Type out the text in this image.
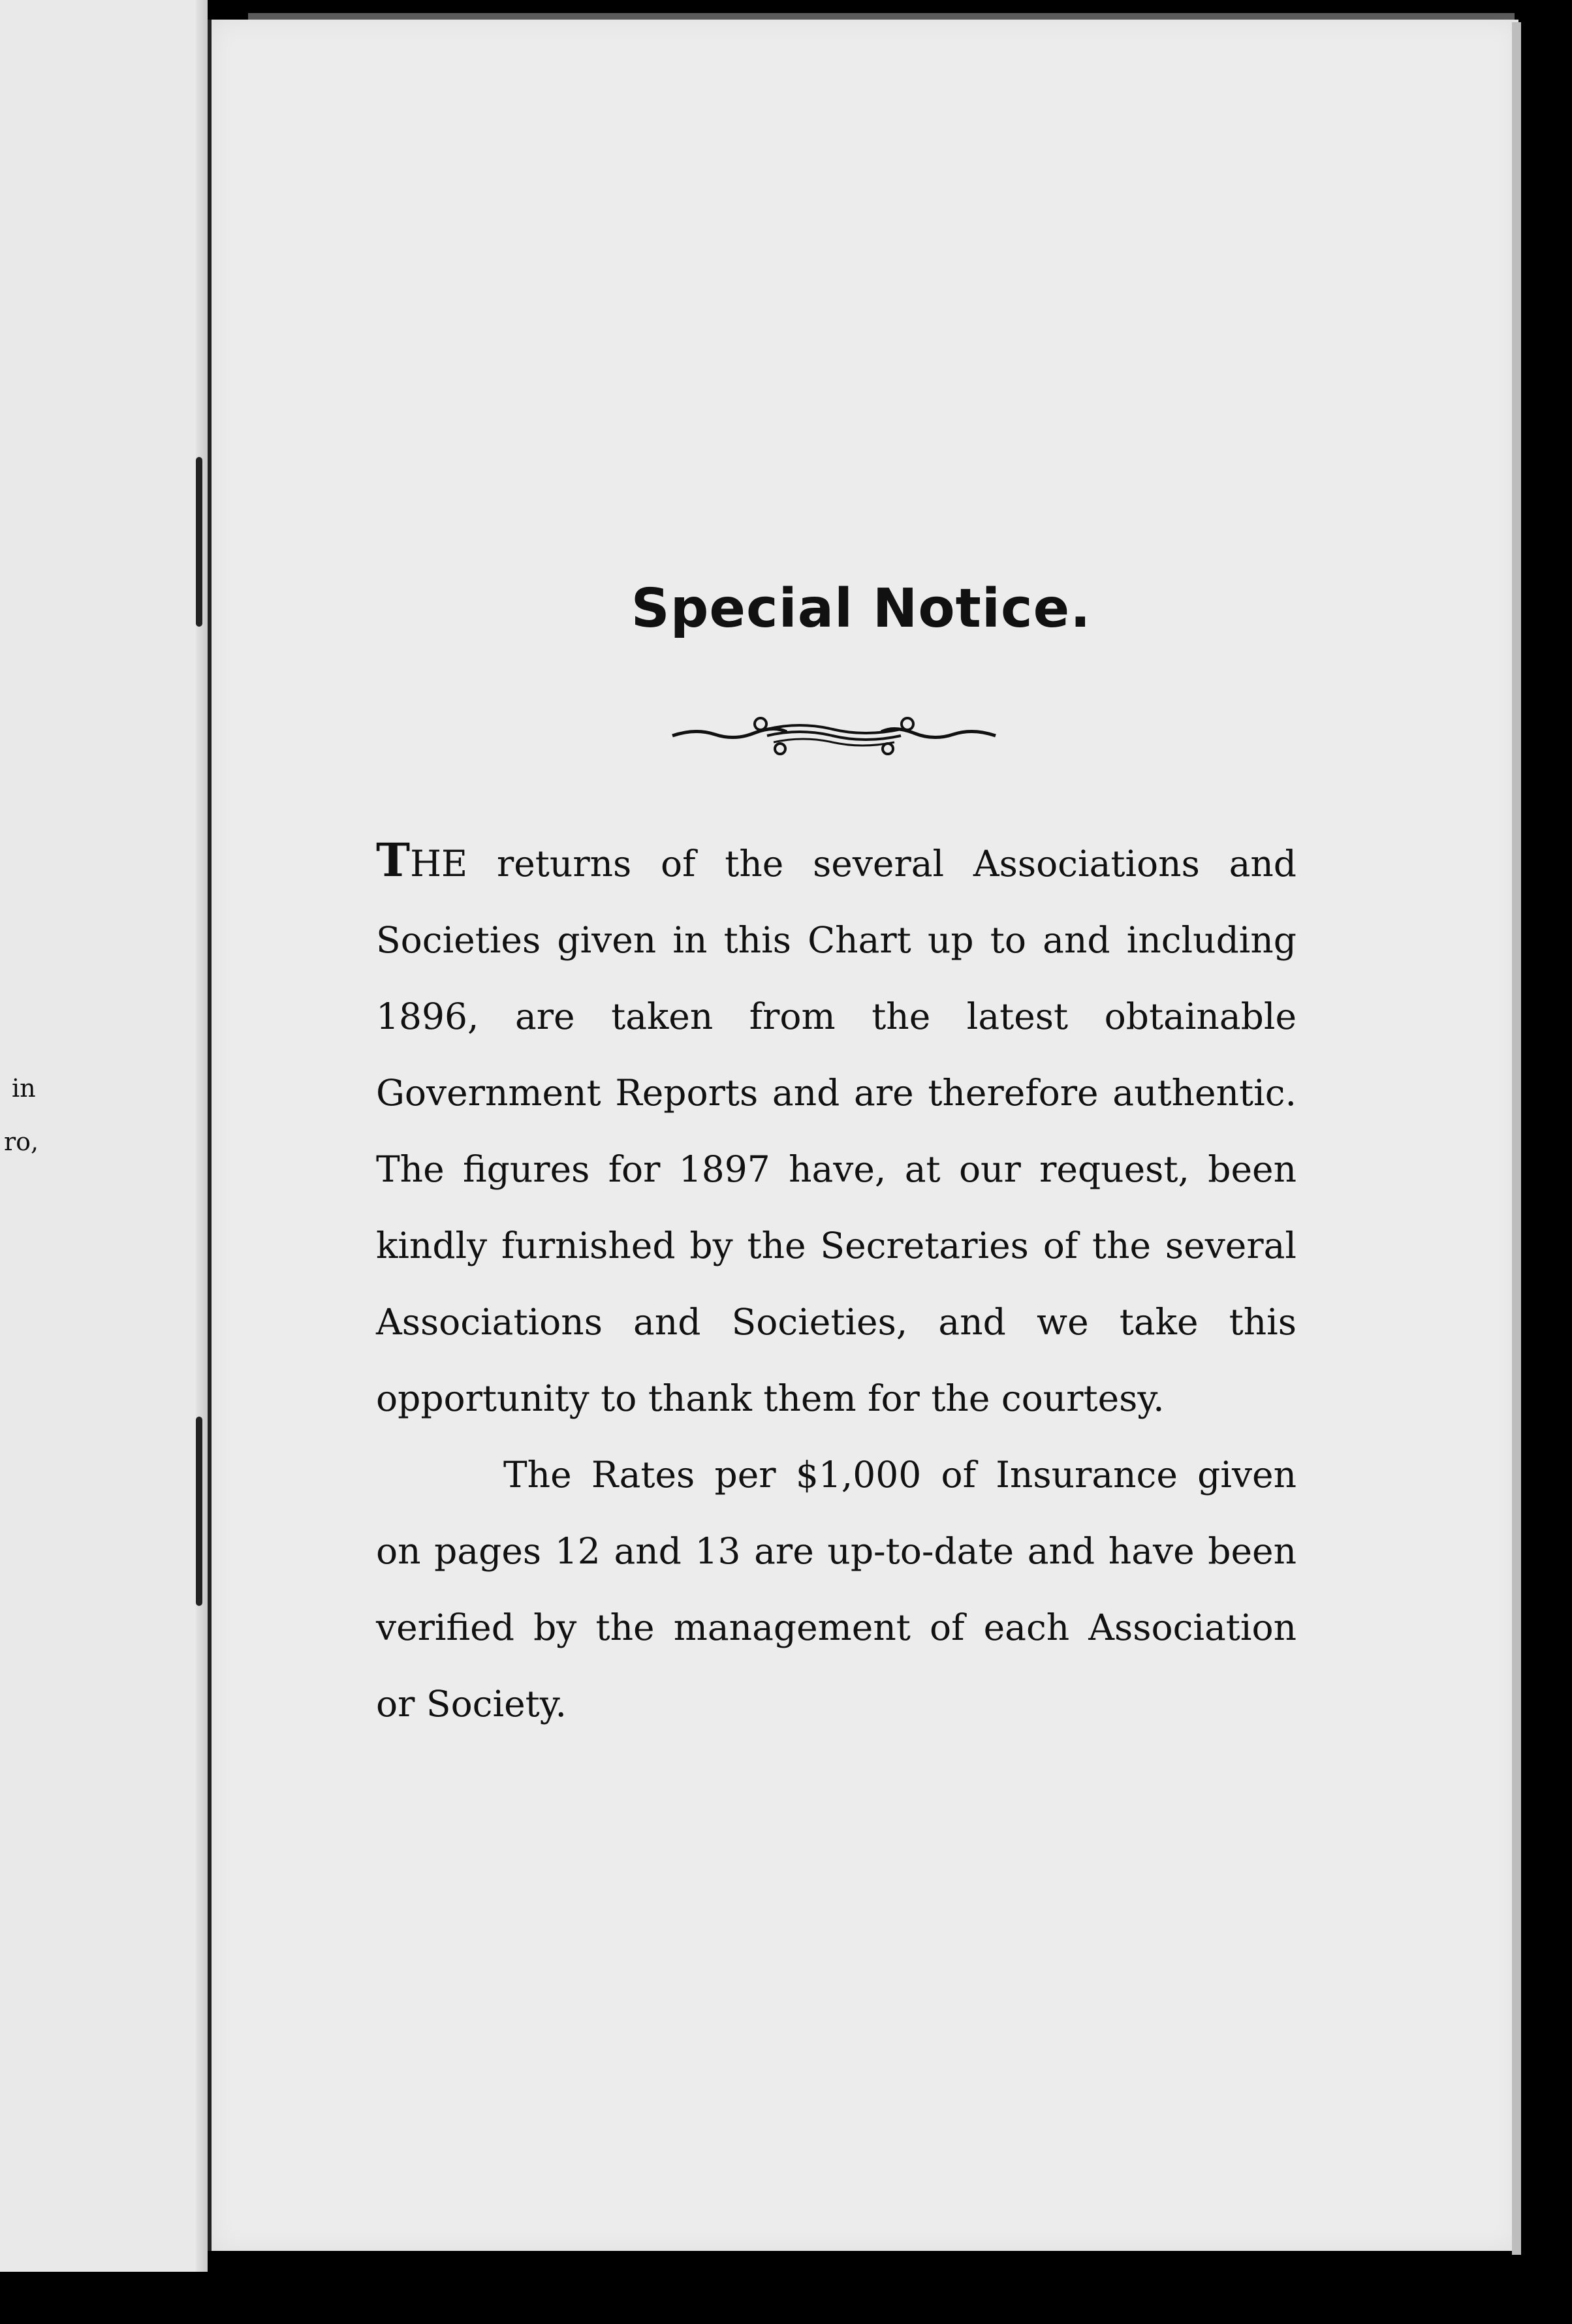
in
ro,
Special Notice.

THE returns of the several Associations and Societies given in this Chart up to and including 1896, are taken from the latest obtainable Government Reports and are therefore authentic. The figures for 1897 have, at our request, been kindly furnished by the Secretaries of the several Associations and Societies, and we take this opportunity to thank them for the courtesy.

The Rates per $1,000 of Insurance given on pages 12 and 13 are up-to-date and have been verified by the management of each Association or Society.
